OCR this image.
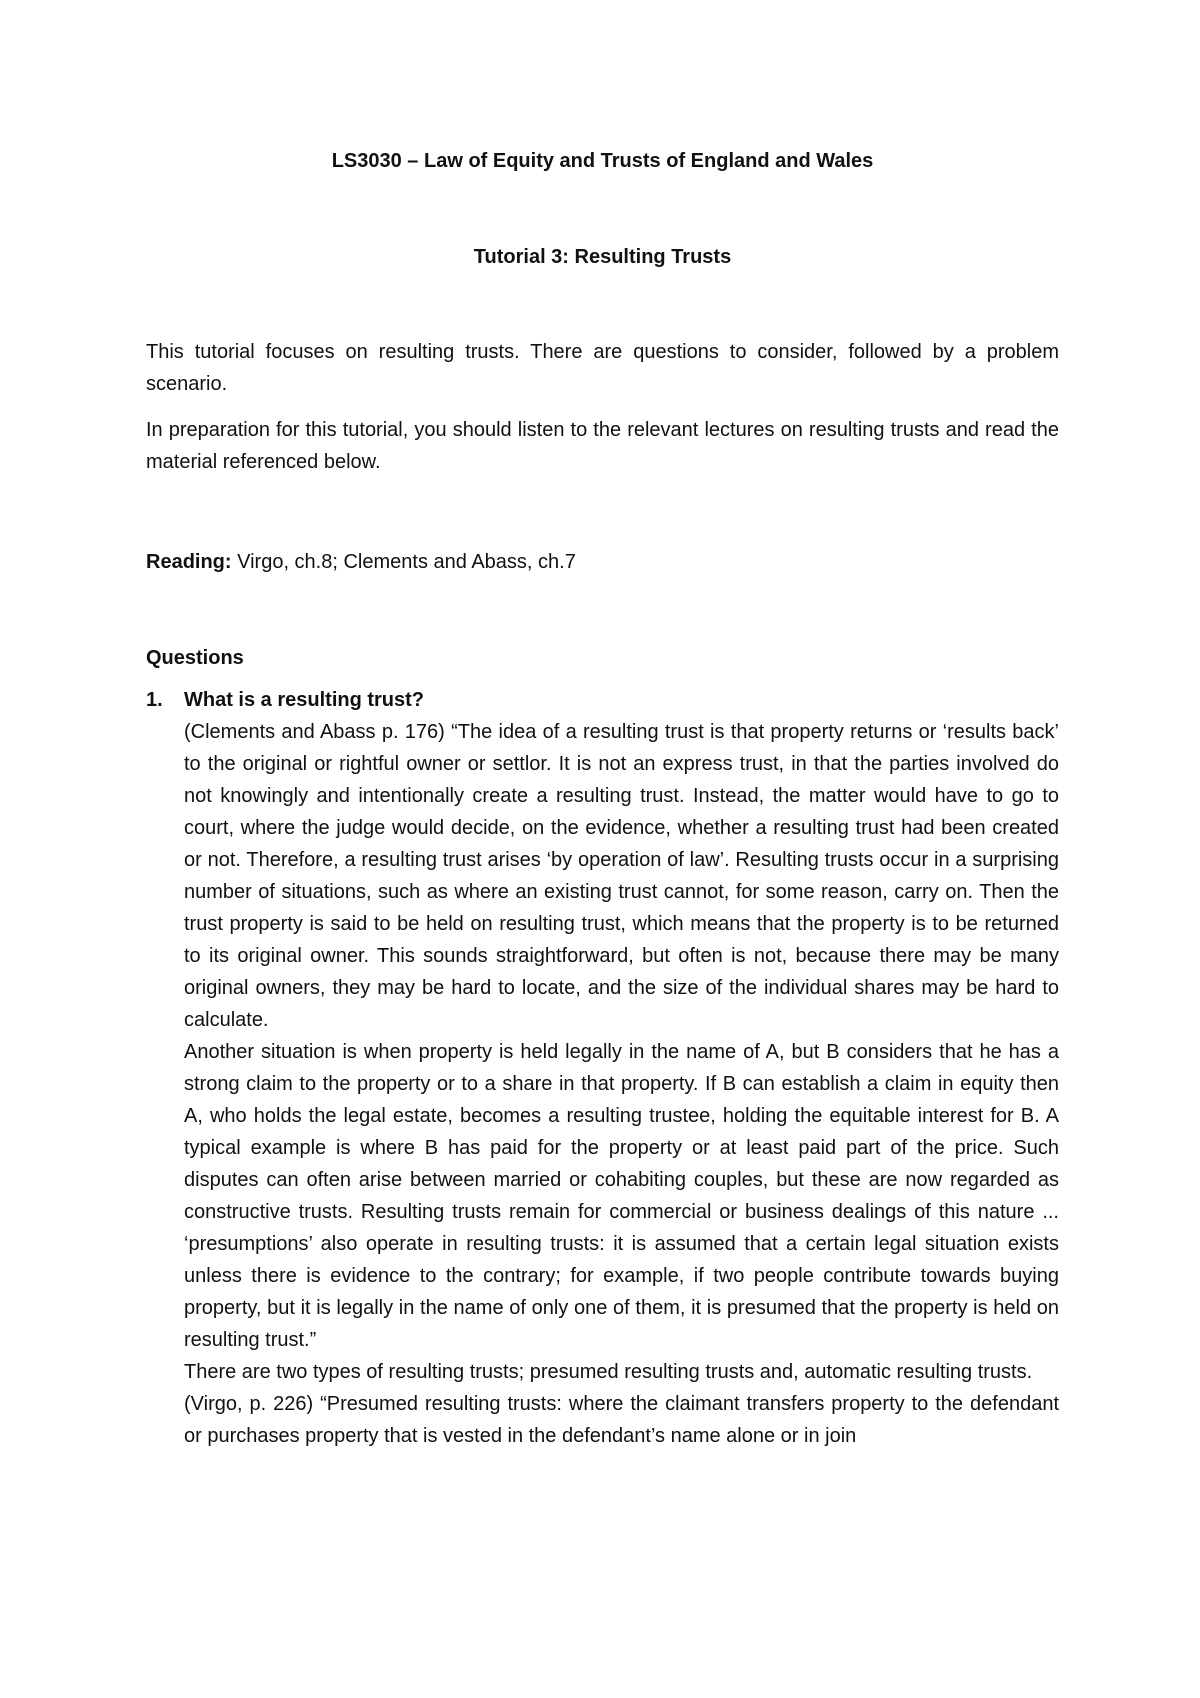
LS3030 – Law of Equity and Trusts of England and Wales
Tutorial 3: Resulting Trusts

This tutorial focuses on resulting trusts. There are questions to consider, followed by a problem scenario.

In preparation for this tutorial, you should listen to the relevant lectures on resulting trusts and read the material referenced below.

Reading: Virgo, ch.8; Clements and Abass, ch.7

Questions
1. What is a resulting trust?

(Clements and Abass p. 176) “The idea of a resulting trust is that property returns or ‘results back’ to the original or rightful owner or settlor. It is not an express trust, in that the parties involved do not knowingly and intentionally create a resulting trust. Instead, the matter would have to go to court, where the judge would decide, on the evidence, whether a resulting trust had been created or not. Therefore, a resulting trust arises ‘by operation of law’. Resulting trusts occur in a surprising number of situations, such as where an existing trust cannot, for some reason, carry on. Then the trust property is said to be held on resulting trust, which means that the property is to be returned to its original owner. This sounds straightforward, but often is not, because there may be many original owners, they may be hard to locate, and the size of the individual shares may be hard to calculate.

Another situation is when property is held legally in the name of A, but B considers that he has a strong claim to the property or to a share in that property. If B can establish a claim in equity then A, who holds the legal estate, becomes a resulting trustee, holding the equitable interest for B. A typical example is where B has paid for the property or at least paid part of the price. Such disputes can often arise between married or cohabiting couples, but these are now regarded as constructive trusts. Resulting trusts remain for commercial or business dealings of this nature ... ‘presumptions’ also operate in resulting trusts: it is assumed that a certain legal situation exists unless there is evidence to the contrary; for example, if two people contribute towards buying property, but it is legally in the name of only one of them, it is presumed that the property is held on resulting trust.”

There are two types of resulting trusts; presumed resulting trusts and, automatic resulting trusts.

(Virgo, p. 226) “Presumed resulting trusts: where the claimant transfers property to the defendant or purchases property that is vested in the defendant’s name alone or in join
